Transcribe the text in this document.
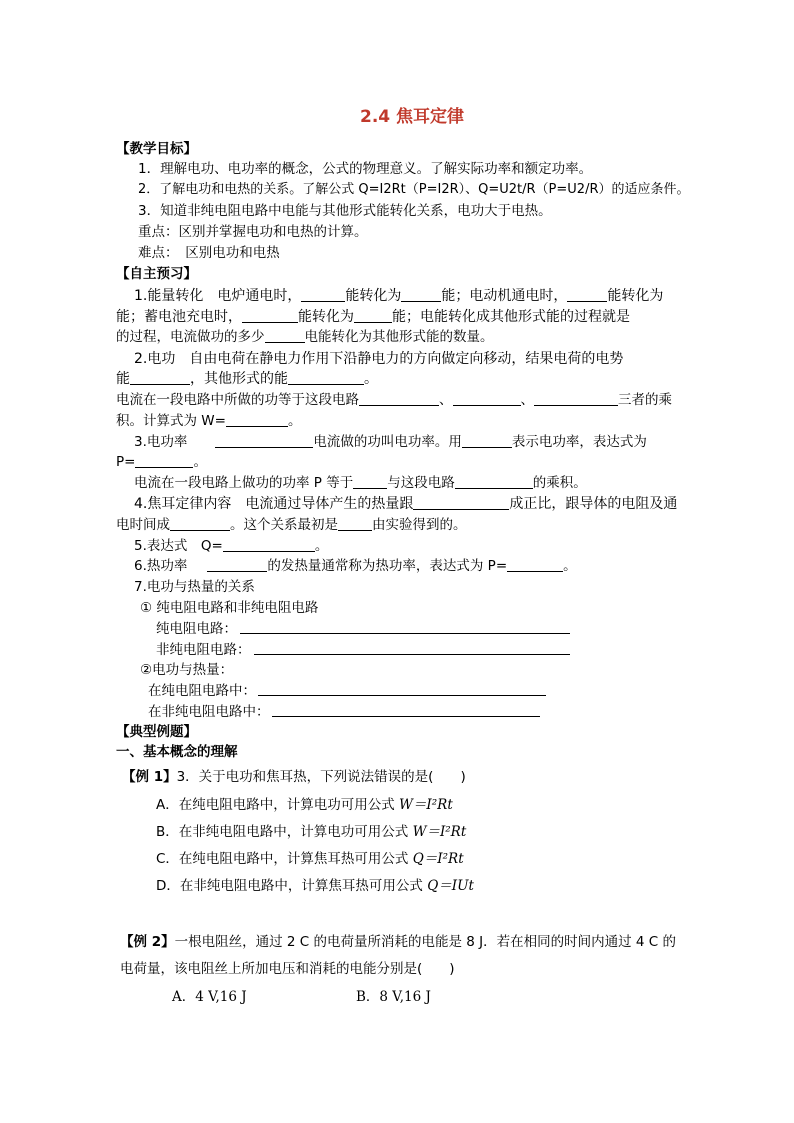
2.4 焦耳定律
【教学目标】
1．理解电功、电功率的概念，公式的物理意义。了解实际功率和额定功率。
2．了解电功和电热的关系。了解公式 Q=I2Rt（P=I2R）、Q=U2t/R（P=U2/R）的适应条件。
3．知道非纯电阻电路中电能与其他形式能转化关系，电功大于电热。
重点：区别并掌握电功和电热的计算。
难点：　区别电功和电热
【自主预习】
1.能量转化　电炉通电时，	能转化为	能；电动机通电时，	能转化为
能；蓄电池充电时，	能转化为	能；电能转化成其他形式能的过程就是
的过程，电流做功的多少	电能转化为其他形式能的数量。
2.电功　自由电荷在静电力作用下沿静电力的方向做定向移动，结果电荷的电势
能	，其他形式的能	。
电流在一段电路中所做的功等于这段电路	、	、	三者的乘
积。计算式为 W=	。
3.电功率	电流做的功叫电功率。用	表示电功率，表达式为
P=	。
电流在一段电路上做功的功率 P 等于	与这段电路	的乘积。
4.焦耳定律内容　电流通过导体产生的热量跟	成正比，跟导体的电阻及通
电时间成	。这个关系最初是	由实验得到的。
5.表达式　Q=	。
6.热功率	的发热量通常称为热功率，表达式为 P=	。
7.电功与热量的关系
① 纯电阻电路和非纯电阻电路
纯电阻电路：
非纯电阻电路：
②电功与热量：
在纯电阻电路中：
在非纯电阻电路中：
【典型例题】
一、基本概念的理解
【例 1】3．关于电功和焦耳热，下列说法错误的是(　　)
A．在纯电阻电路中，计算电功可用公式 W＝I²Rt
B．在非纯电阻电路中，计算电功可用公式 W＝I²Rt
C．在纯电阻电路中，计算焦耳热可用公式 Q＝I²Rt
D．在非纯电阻电路中，计算焦耳热可用公式 Q＝IUt
【例 2】一根电阻丝，通过 2 C 的电荷量所消耗的电能是 8 J．若在相同的时间内通过 4 C 的
电荷量，该电阻丝上所加电压和消耗的电能分别是(　　)
A．4 V,16 J	B．8 V,16 J
